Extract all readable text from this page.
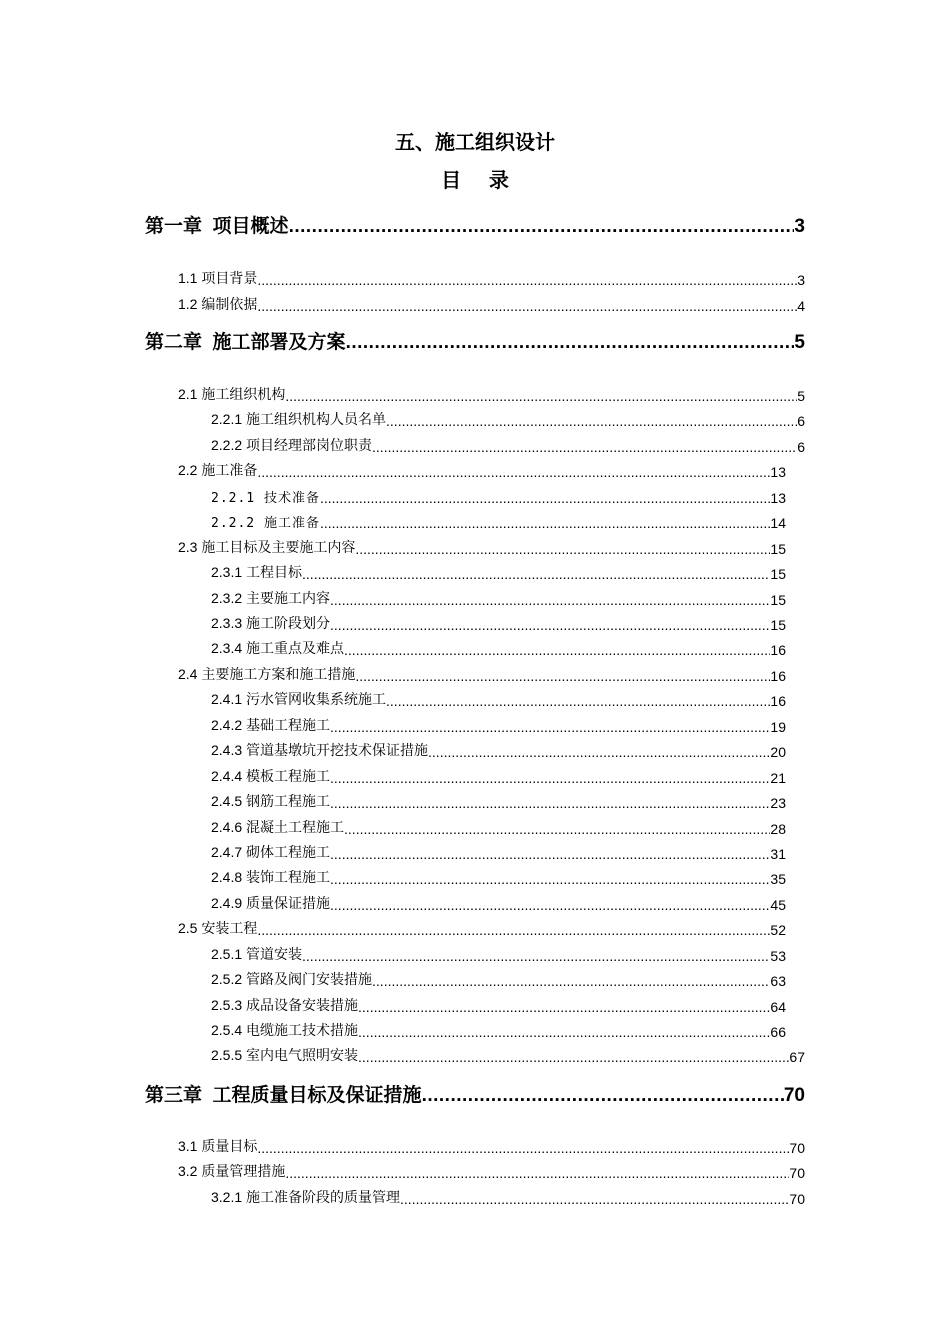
五、施工组织设计
目    录
第一章  项目概述 .....	3
1.1 项目背景 .....	3
1.2 编制依据 .....	4
第二章  施工部署及方案 .....	5
2.1 施工组织机构 .....	5
2.2.1 施工组织机构人员名单 .....	6
2.2.2 项目经理部岗位职责 .....	6
2.2 施工准备 .....	13
2.2.1 技术准备 .....	13
2.2.2 施工准备 .....	14
2.3 施工目标及主要施工内容 .....	15
2.3.1 工程目标 .....	15
2.3.2 主要施工内容 .....	15
2.3.3 施工阶段划分 .....	15
2.3.4 施工重点及难点 .....	16
2.4 主要施工方案和施工措施 .....	16
2.4.1 污水管网收集系统施工 .....	16
2.4.2 基础工程施工 .....	19
2.4.3 管道基墩坑开挖技术保证措施 .....	20
2.4.4 模板工程施工 .....	21
2.4.5 钢筋工程施工 .....	23
2.4.6 混凝土工程施工 .....	28
2.4.7 砌体工程施工 .....	31
2.4.8 装饰工程施工 .....	35
2.4.9 质量保证措施 .....	45
2.5 安装工程 .....	52
2.5.1 管道安装 .....	53
2.5.2 管路及阀门安装措施 .....	63
2.5.3 成品设备安装措施 .....	64
2.5.4 电缆施工技术措施 .....	66
2.5.5 室内电气照明安装 .....	67
第三章  工程质量目标及保证措施 .....	70
3.1 质量目标 .....	70
3.2 质量管理措施 .....	70
3.2.1 施工准备阶段的质量管理 .....	70
